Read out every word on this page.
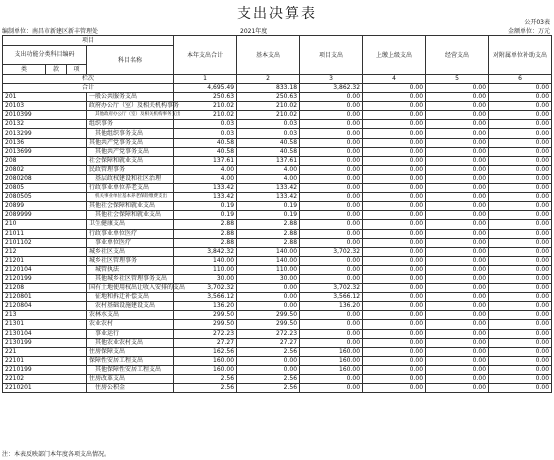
支出决算表
公开03表
编制单位：南昌市新建区新丰管理处	2021年度	金额单位：万元
项目				本年支出合计	基本支出	项目支出	上缴上级支出	经营支出	对附属单位补助支出
支出功能分类科目编码			科目名称						
类	款	项							
栏次				1	2	3	4	5	6
合计				4,695.49	833.18	3,862.32	0.00	0.00	0.00
201			一般公共服务支出	250.63	250.63	0.00	0.00	0.00	0.00
20103			政府办公厅（室）及相关机构事务	210.02	210.02	0.00	0.00	0.00	0.00
2010399			其他政府办公厅（室）及相关机构事务支出	210.02	210.02	0.00	0.00	0.00	0.00
20132			组织事务	0.03	0.03	0.00	0.00	0.00	0.00
2013299			其他组织事务支出	0.03	0.03	0.00	0.00	0.00	0.00
20136			其他共产党事务支出	40.58	40.58	0.00	0.00	0.00	0.00
2013699			其他共产党事务支出	40.58	40.58	0.00	0.00	0.00	0.00
208			社会保障和就业支出	137.61	137.61	0.00	0.00	0.00	0.00
20802			民政管理事务	4.00	4.00	0.00	0.00	0.00	0.00
2080208			基层政权建设和社区治理	4.00	4.00	0.00	0.00	0.00	0.00
20805			行政事业单位养老支出	133.42	133.42	0.00	0.00	0.00	0.00
2080505			机关事业单位基本养老保险缴费支出	133.42	133.42	0.00	0.00	0.00	0.00
20899			其他社会保障和就业支出	0.19	0.19	0.00	0.00	0.00	0.00
2089999			其他社会保障和就业支出	0.19	0.19	0.00	0.00	0.00	0.00
210			卫生健康支出	2.88	2.88	0.00	0.00	0.00	0.00
21011			行政事业单位医疗	2.88	2.88	0.00	0.00	0.00	0.00
2101102			事业单位医疗	2.88	2.88	0.00	0.00	0.00	0.00
212			城乡社区支出	3,842.32	140.00	3,702.32	0.00	0.00	0.00
21201			城乡社区管理事务	140.00	140.00	0.00	0.00	0.00	0.00
2120104			城管执法	110.00	110.00	0.00	0.00	0.00	0.00
2120199			其他城乡社区管理事务支出	30.00	30.00	0.00	0.00	0.00	0.00
21208			国有土地使用权出让收入安排的支出	3,702.32	0.00	3,702.32	0.00	0.00	0.00
2120801			征地和拆迁补偿支出	3,566.12	0.00	3,566.12	0.00	0.00	0.00
2120804			农村基础设施建设支出	136.20	0.00	136.20	0.00	0.00	0.00
213			农林水支出	299.50	299.50	0.00	0.00	0.00	0.00
21301			农业农村	299.50	299.50	0.00	0.00	0.00	0.00
2130104			事业运行	272.23	272.23	0.00	0.00	0.00	0.00
2130199			其他农业农村支出	27.27	27.27	0.00	0.00	0.00	0.00
221			住房保障支出	162.56	2.56	160.00	0.00	0.00	0.00
22101			保障性安居工程支出	160.00	0.00	160.00	0.00	0.00	0.00
2210199			其他保障性安居工程支出	160.00	0.00	160.00	0.00	0.00	0.00
22102			住房改革支出	2.56	2.56	0.00	0.00	0.00	0.00
2210201			住房公积金	2.56	2.56	0.00	0.00	0.00	0.00
注：本表反映部门本年度各项支出情况。
